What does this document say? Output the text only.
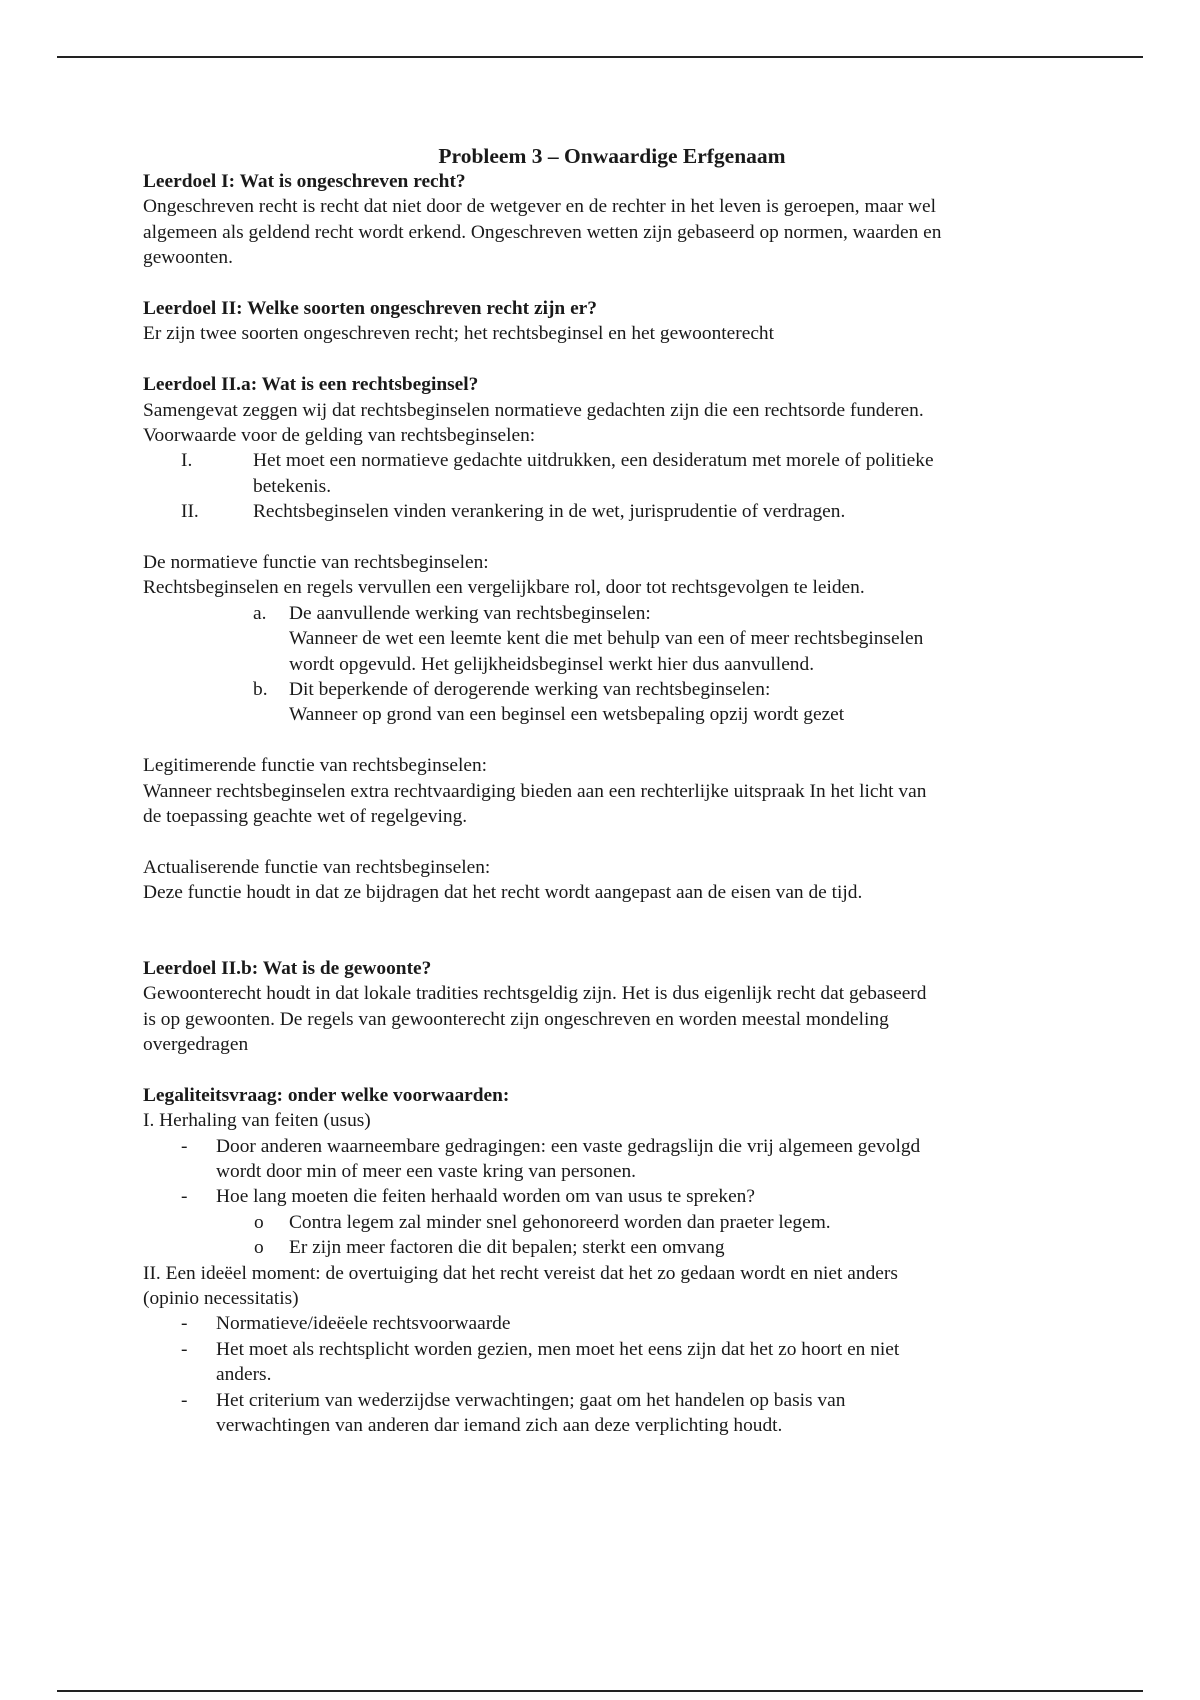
Probleem 3 – Onwaardige Erfgenaam

Leerdoel I: Wat is ongeschreven recht?

Ongeschreven recht is recht dat niet door de wetgever en de rechter in het leven is geroepen, maar wel

algemeen als geldend recht wordt erkend. Ongeschreven wetten zijn gebaseerd op normen, waarden en

gewoonten.

Leerdoel II: Welke soorten ongeschreven recht zijn er?

Er zijn twee soorten ongeschreven recht; het rechtsbeginsel en het gewoonterecht

Leerdoel II.a: Wat is een rechtsbeginsel?

Samengevat zeggen wij dat rechtsbeginselen normatieve gedachten zijn die een rechtsorde funderen.

Voorwaarde voor de gelding van rechtsbeginselen:

I.	Het moet een normatieve gedachte uitdrukken, een desideratum met morele of politieke

betekenis.

II.	Rechtsbeginselen vinden verankering in de wet, jurisprudentie of verdragen.

De normatieve functie van rechtsbeginselen:

Rechtsbeginselen en regels vervullen een vergelijkbare rol, door tot rechtsgevolgen te leiden.

a. De aanvullende werking van rechtsbeginselen:

Wanneer de wet een leemte kent die met behulp van een of meer rechtsbeginselen

wordt opgevuld. Het gelijkheidsbeginsel werkt hier dus aanvullend.

b. Dit beperkende of derogerende werking van rechtsbeginselen:

Wanneer op grond van een beginsel een wetsbepaling opzij wordt gezet

Legitimerende functie van rechtsbeginselen:

Wanneer rechtsbeginselen extra rechtvaardiging bieden aan een rechterlijke uitspraak In het licht van

de toepassing geachte wet of regelgeving.

Actualiserende functie van rechtsbeginselen:

Deze functie houdt in dat ze bijdragen dat het recht wordt aangepast aan de eisen van de tijd.

Leerdoel II.b: Wat is de gewoonte?

Gewoonterecht houdt in dat lokale tradities rechtsgeldig zijn. Het is dus eigenlijk recht dat gebaseerd

is op gewoonten. De regels van gewoonterecht zijn ongeschreven en worden meestal mondeling

overgedragen

Legaliteitsvraag: onder welke voorwaarden:

I. Herhaling van feiten (usus)

- Door anderen waarneembare gedragingen: een vaste gedragslijn die vrij algemeen gevolgd

wordt door min of meer een vaste kring van personen.

- Hoe lang moeten die feiten herhaald worden om van usus te spreken?

o Contra legem zal minder snel gehonoreerd worden dan praeter legem.

o Er zijn meer factoren die dit bepalen; sterkt een omvang

II. Een ideëel moment: de overtuiging dat het recht vereist dat het zo gedaan wordt en niet anders

(opinio necessitatis)

- Normatieve/ideëele rechtsvoorwaarde

- Het moet als rechtsplicht worden gezien, men moet het eens zijn dat het zo hoort en niet

anders.

- Het criterium van wederzijdse verwachtingen; gaat om het handelen op basis van

verwachtingen van anderen dar iemand zich aan deze verplichting houdt.
